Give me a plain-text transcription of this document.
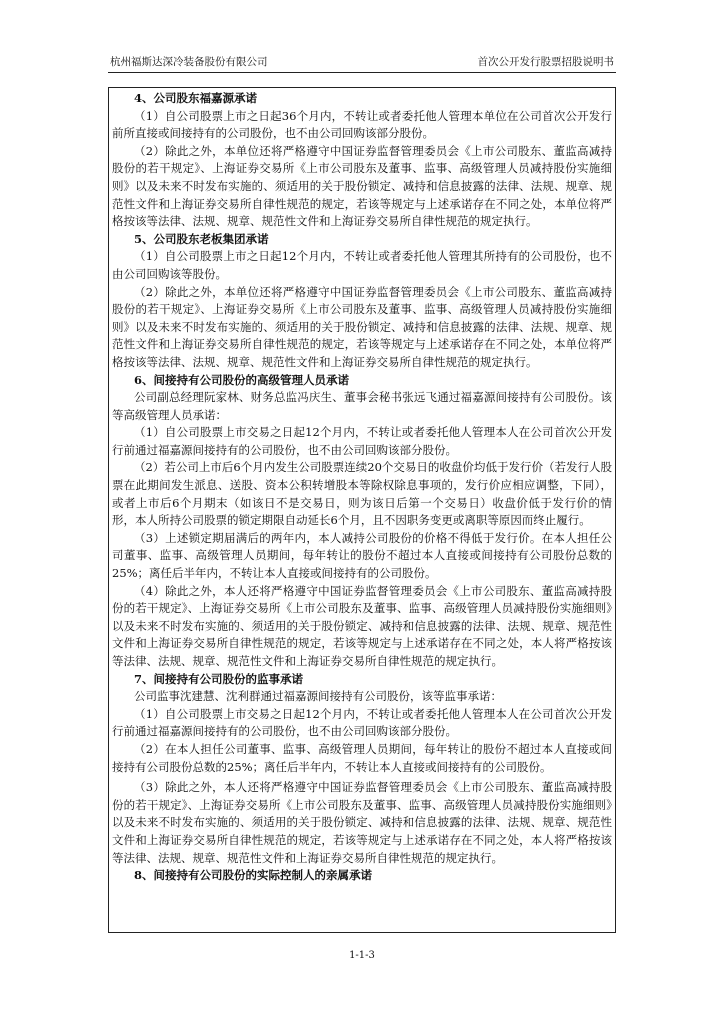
杭州福斯达深冷装备股份有限公司	首次公开发行股票招股说明书

4、公司股东福嘉源承诺

（1）自公司股票上市之日起36个月内，不转让或者委托他人管理本单位在公司首次公开发行前所直接或间接持有的公司股份，也不由公司回购该部分股份。

（2）除此之外，本单位还将严格遵守中国证券监督管理委员会《上市公司股东、董监高减持股份的若干规定》、上海证券交易所《上市公司股东及董事、监事、高级管理人员减持股份实施细则》以及未来不时发布实施的、须适用的关于股份锁定、减持和信息披露的法律、法规、规章、规范性文件和上海证券交易所自律性规范的规定，若该等规定与上述承诺存在不同之处，本单位将严格按该等法律、法规、规章、规范性文件和上海证券交易所自律性规范的规定执行。

5、公司股东老板集团承诺

（1）自公司股票上市之日起12个月内，不转让或者委托他人管理其所持有的公司股份，也不由公司回购该等股份。

（2）除此之外，本单位还将严格遵守中国证券监督管理委员会《上市公司股东、董监高减持股份的若干规定》、上海证券交易所《上市公司股东及董事、监事、高级管理人员减持股份实施细则》以及未来不时发布实施的、须适用的关于股份锁定、减持和信息披露的法律、法规、规章、规范性文件和上海证券交易所自律性规范的规定，若该等规定与上述承诺存在不同之处，本单位将严格按该等法律、法规、规章、规范性文件和上海证券交易所自律性规范的规定执行。

6、间接持有公司股份的高级管理人员承诺

公司副总经理阮家林、财务总监冯庆生、董事会秘书张远飞通过福嘉源间接持有公司股份。该等高级管理人员承诺：

（1）自公司股票上市交易之日起12个月内，不转让或者委托他人管理本人在公司首次公开发行前通过福嘉源间接持有的公司股份，也不由公司回购该部分股份。

（2）若公司上市后6个月内发生公司股票连续20个交易日的收盘价均低于发行价（若发行人股票在此期间发生派息、送股、资本公积转增股本等除权除息事项的，发行价应相应调整，下同），或者上市后6个月期末（如该日不是交易日，则为该日后第一个交易日）收盘价低于发行价的情形，本人所持公司股票的锁定期限自动延长6个月，且不因职务变更或离职等原因而终止履行。

（3）上述锁定期届满后的两年内，本人减持公司股份的价格不得低于发行价。在本人担任公司董事、监事、高级管理人员期间，每年转让的股份不超过本人直接或间接持有公司股份总数的25%；离任后半年内，不转让本人直接或间接持有的公司股份。

（4）除此之外，本人还将严格遵守中国证券监督管理委员会《上市公司股东、董监高减持股份的若干规定》、上海证券交易所《上市公司股东及董事、监事、高级管理人员减持股份实施细则》以及未来不时发布实施的、须适用的关于股份锁定、减持和信息披露的法律、法规、规章、规范性文件和上海证券交易所自律性规范的规定，若该等规定与上述承诺存在不同之处，本人将严格按该等法律、法规、规章、规范性文件和上海证券交易所自律性规范的规定执行。

7、间接持有公司股份的监事承诺

公司监事沈建慧、沈利群通过福嘉源间接持有公司股份，该等监事承诺：

（1）自公司股票上市交易之日起12个月内，不转让或者委托他人管理本人在公司首次公开发行前通过福嘉源间接持有的公司股份，也不由公司回购该部分股份。

（2）在本人担任公司董事、监事、高级管理人员期间，每年转让的股份不超过本人直接或间接持有公司股份总数的25%；离任后半年内，不转让本人直接或间接持有的公司股份。

（3）除此之外，本人还将严格遵守中国证券监督管理委员会《上市公司股东、董监高减持股份的若干规定》、上海证券交易所《上市公司股东及董事、监事、高级管理人员减持股份实施细则》以及未来不时发布实施的、须适用的关于股份锁定、减持和信息披露的法律、法规、规章、规范性文件和上海证券交易所自律性规范的规定，若该等规定与上述承诺存在不同之处，本人将严格按该等法律、法规、规章、规范性文件和上海证券交易所自律性规范的规定执行。

8、间接持有公司股份的实际控制人的亲属承诺

1-1-3
